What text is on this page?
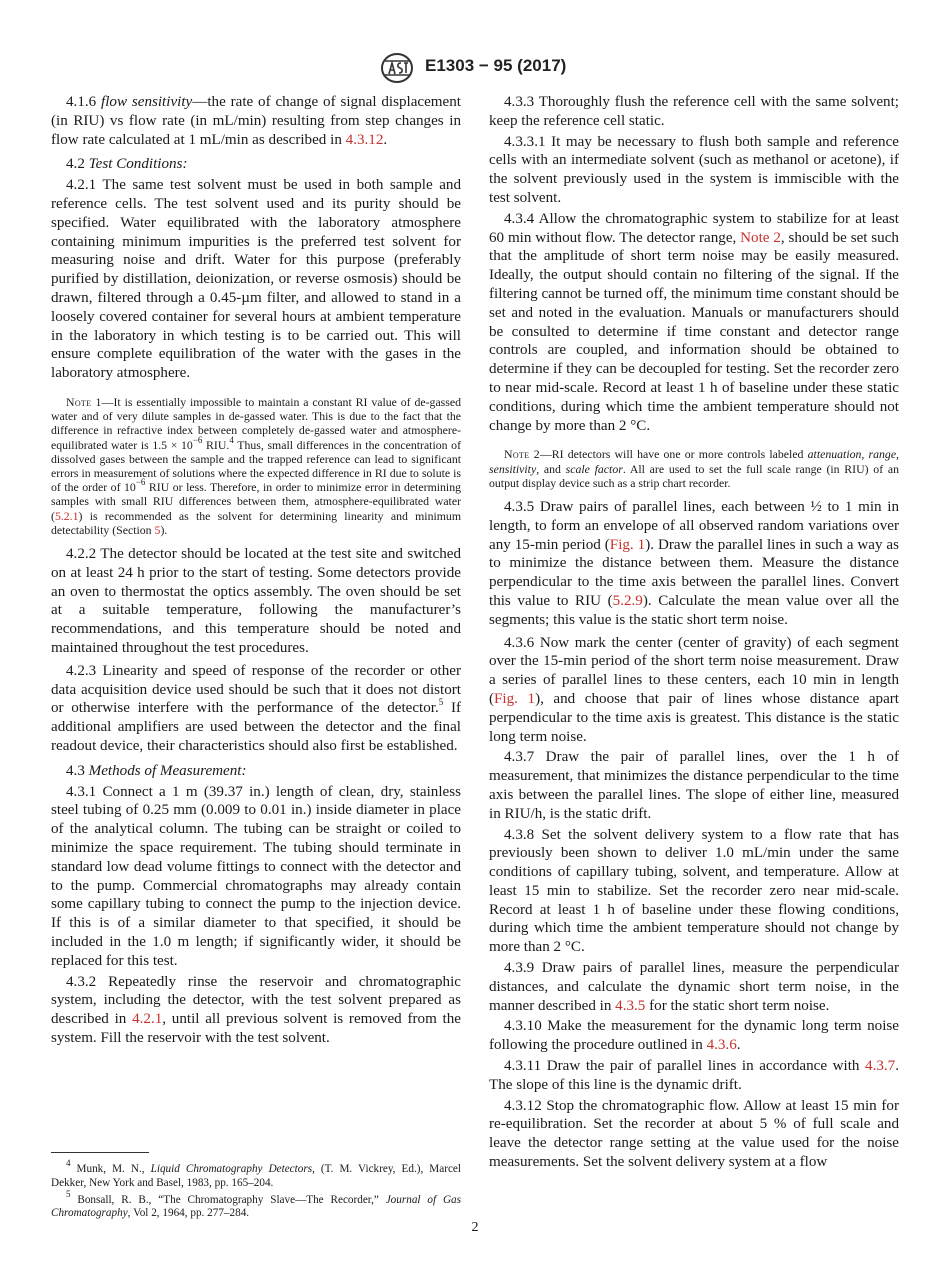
E1303 − 95 (2017)

4.1.6 flow sensitivity—the rate of change of signal displacement (in RIU) vs flow rate (in mL/min) resulting from step changes in flow rate calculated at 1 mL/min as described in 4.3.12.

4.2 Test Conditions:

4.2.1 The same test solvent must be used in both sample and reference cells. The test solvent used and its purity should be specified. Water equilibrated with the laboratory atmosphere containing minimum impurities is the preferred test solvent for measuring noise and drift. Water for this purpose (preferably purified by distillation, deionization, or reverse osmosis) should be drawn, filtered through a 0.45-µm filter, and allowed to stand in a loosely covered container for several hours at ambient temperature in the laboratory in which testing is to be carried out. This will ensure complete equilibration of the water with the gases in the laboratory atmosphere.

Note 1—It is essentially impossible to maintain a constant RI value of de-gassed water and of very dilute samples in de-gassed water. This is due to the fact that the difference in refractive index between completely de-gassed water and atmosphere-equilibrated water is $1.5 \times 10^{-6}$ RIU.$^4$ Thus, small differences in the concentration of dissolved gases between the sample and the trapped reference can lead to significant errors in measurement of solutions where the expected difference in RI due to solute is of the order of $10^{-6}$ RIU or less. Therefore, in order to minimize error in determining samples with small RIU differences between them, atmosphere-equilibrated water (5.2.1) is recommended as the solvent for determining linearity and minimum detectability (Section 5).

4.2.2 The detector should be located at the test site and switched on at least 24 h prior to the start of testing. Some detectors provide an oven to thermostat the optics assembly. The oven should be set at a suitable temperature, following the manufacturer’s recommendations, and this temperature should be noted and maintained throughout the test procedures.

4.2.3 Linearity and speed of response of the recorder or other data acquisition device used should be such that it does not distort or otherwise interfere with the performance of the detector.$^5$ If additional amplifiers are used between the detector and the final readout device, their characteristics should also first be established.

4.3 Methods of Measurement:

4.3.1 Connect a 1 m (39.37 in.) length of clean, dry, stainless steel tubing of 0.25 mm (0.009 to 0.01 in.) inside diameter in place of the analytical column. The tubing can be straight or coiled to minimize the space requirement. The tubing should terminate in standard low dead volume fittings to connect with the detector and to the pump. Commercial chromatographs may already contain some capillary tubing to connect the pump to the injection device. If this is of a similar diameter to that specified, it should be included in the 1.0 m length; if significantly wider, it should be replaced for this test.

4.3.2 Repeatedly rinse the reservoir and chromatographic system, including the detector, with the test solvent prepared as described in 4.2.1, until all previous solvent is removed from the system. Fill the reservoir with the test solvent.

$^4$ Munk, M. N., Liquid Chromatography Detectors, (T. M. Vickrey, Ed.), Marcel Dekker, New York and Basel, 1983, pp. 165–204.

$^5$ Bonsall, R. B., “The Chromatography Slave—The Recorder,” Journal of Gas Chromatography, Vol 2, 1964, pp. 277–284.

4.3.3 Thoroughly flush the reference cell with the same solvent; keep the reference cell static.

4.3.3.1 It may be necessary to flush both sample and reference cells with an intermediate solvent (such as methanol or acetone), if the solvent previously used in the system is immiscible with the test solvent.

4.3.4 Allow the chromatographic system to stabilize for at least 60 min without flow. The detector range, Note 2, should be set such that the amplitude of short term noise may be easily measured. Ideally, the output should contain no filtering of the signal. If the filtering cannot be turned off, the minimum time constant should be set and noted in the evaluation. Manuals or manufacturers should be consulted to determine if time constant and detector range controls are coupled, and information should be obtained to determine if they can be decoupled for testing. Set the recorder zero to near mid-scale. Record at least 1 h of baseline under these static conditions, during which time the ambient temperature should not change by more than 2 °C.

Note 2—RI detectors will have one or more controls labeled attenuation, range, sensitivity, and scale factor. All are used to set the full scale range (in RIU) of an output display device such as a strip chart recorder.

4.3.5 Draw pairs of parallel lines, each between ½ to 1 min in length, to form an envelope of all observed random variations over any 15-min period (Fig. 1). Draw the parallel lines in such a way as to minimize the distance between them. Measure the distance perpendicular to the time axis between the parallel lines. Convert this value to RIU (5.2.9). Calculate the mean value over all the segments; this value is the static short term noise.

4.3.6 Now mark the center (center of gravity) of each segment over the 15-min period of the short term noise measurement. Draw a series of parallel lines to these centers, each 10 min in length (Fig. 1), and choose that pair of lines whose distance apart perpendicular to the time axis is greatest. This distance is the static long term noise.

4.3.7 Draw the pair of parallel lines, over the 1 h of measurement, that minimizes the distance perpendicular to the time axis between the parallel lines. The slope of either line, measured in RIU/h, is the static drift.

4.3.8 Set the solvent delivery system to a flow rate that has previously been shown to deliver 1.0 mL/min under the same conditions of capillary tubing, solvent, and temperature. Allow at least 15 min to stabilize. Set the recorder zero near mid-scale. Record at least 1 h of baseline under these flowing conditions, during which time the ambient temperature should not change by more than 2 °C.

4.3.9 Draw pairs of parallel lines, measure the perpendicular distances, and calculate the dynamic short term noise, in the manner described in 4.3.5 for the static short term noise.

4.3.10 Make the measurement for the dynamic long term noise following the procedure outlined in 4.3.6.

4.3.11 Draw the pair of parallel lines in accordance with 4.3.7. The slope of this line is the dynamic drift.

4.3.12 Stop the chromatographic flow. Allow at least 15 min for re-equilibration. Set the recorder at about 5 % of full scale and leave the detector range setting at the value used for the noise measurements. Set the solvent delivery system at a flow

2
